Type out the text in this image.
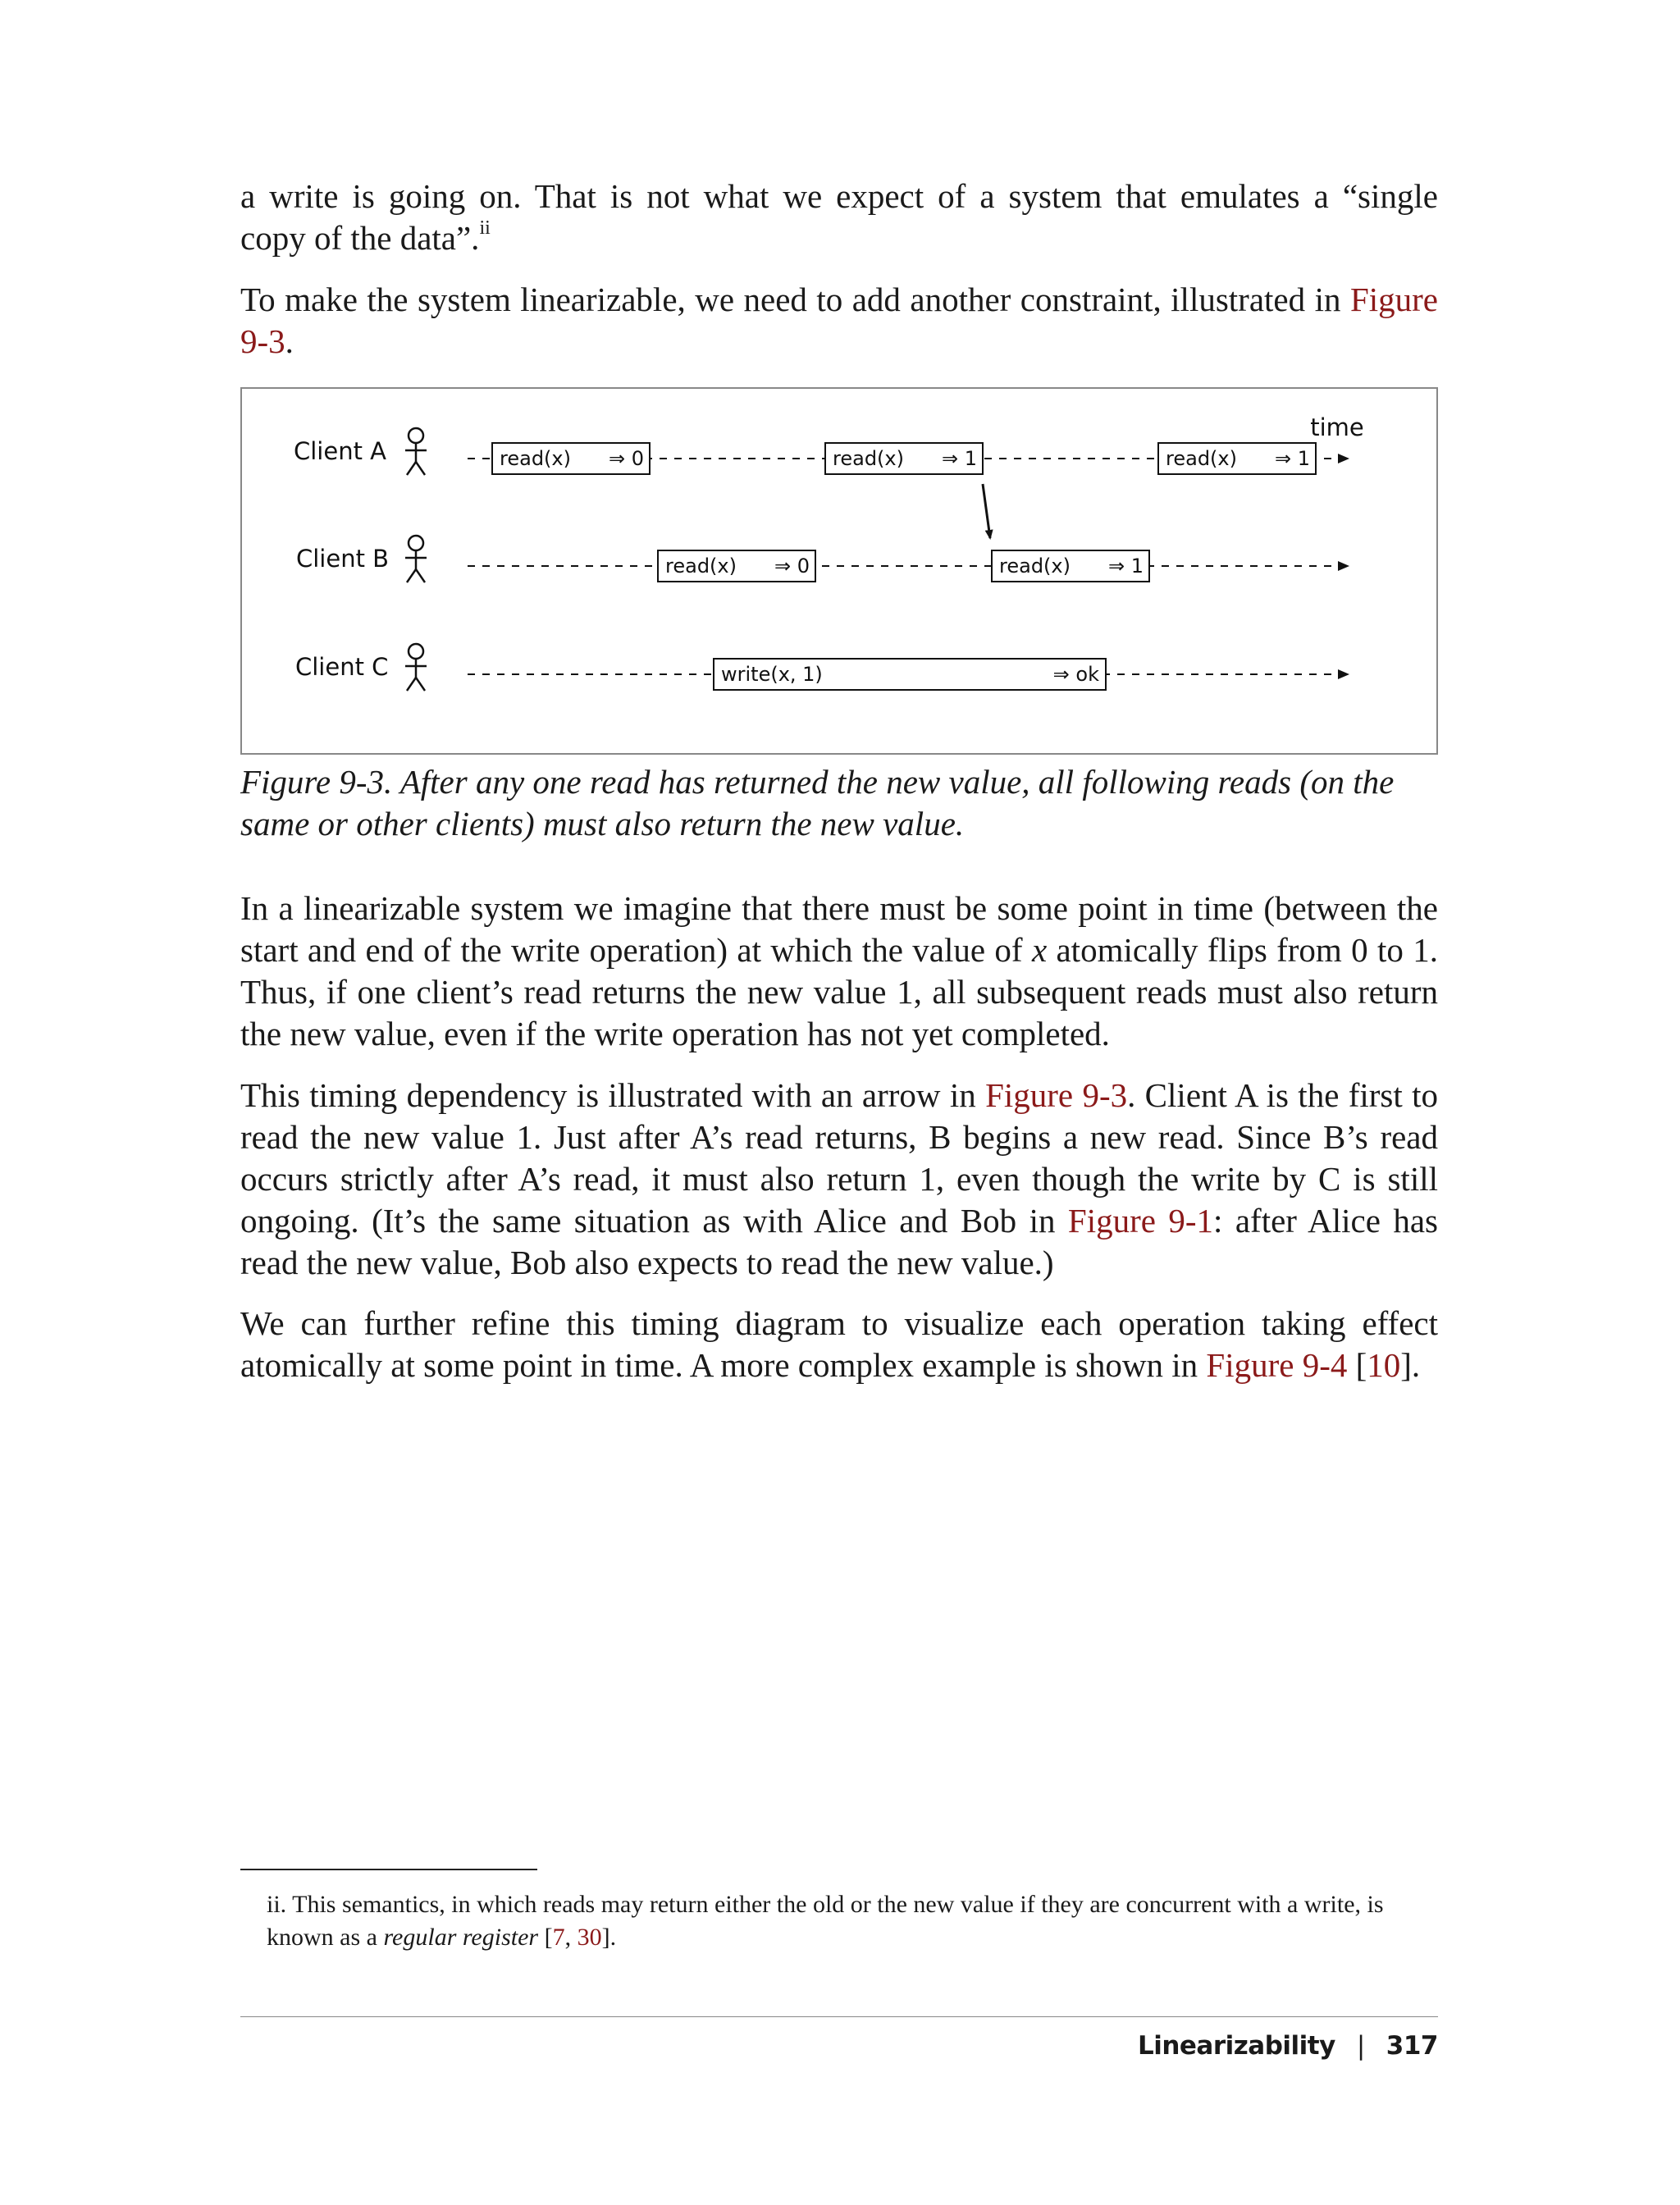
a write is going on. That is not what we expect of a system that emulates a “single
copy of the data”.$^{ii}$
To make the system linearizable, we need to add another constraint, illustrated in Figure 9-3.
Client A
Client B
Client C
time
read(x) ⇒ 0	read(x) ⇒ 1	read(x) ⇒ 1
read(x) ⇒ 0	read(x) ⇒ 1
write(x, 1)	⇒ ok
Figure 9-3. After any one read has returned the new value, all following reads (on the
same or other clients) must also return the new value.
In a linearizable system we imagine that there must be some point in time (between the start and end of the write operation) at which the value of x atomically flips from 0 to 1. Thus, if one client’s read returns the new value 1, all subsequent reads must also return the new value, even if the write operation has not yet completed.
This timing dependency is illustrated with an arrow in Figure 9-3. Client A is the first to read the new value 1. Just after A’s read returns, B begins a new read. Since B’s read occurs strictly after A’s read, it must also return 1, even though the write by C is still ongoing. (It’s the same situation as with Alice and Bob in Figure 9-1: after Alice has read the new value, Bob also expects to read the new value.)
We can further refine this timing diagram to visualize each operation taking effect atomically at some point in time. A more complex example is shown in Figure 9-4 [10].
ii. This semantics, in which reads may return either the old or the new value if they are concurrent with a write, is known as a regular register [7, 30].
Linearizability | 317
